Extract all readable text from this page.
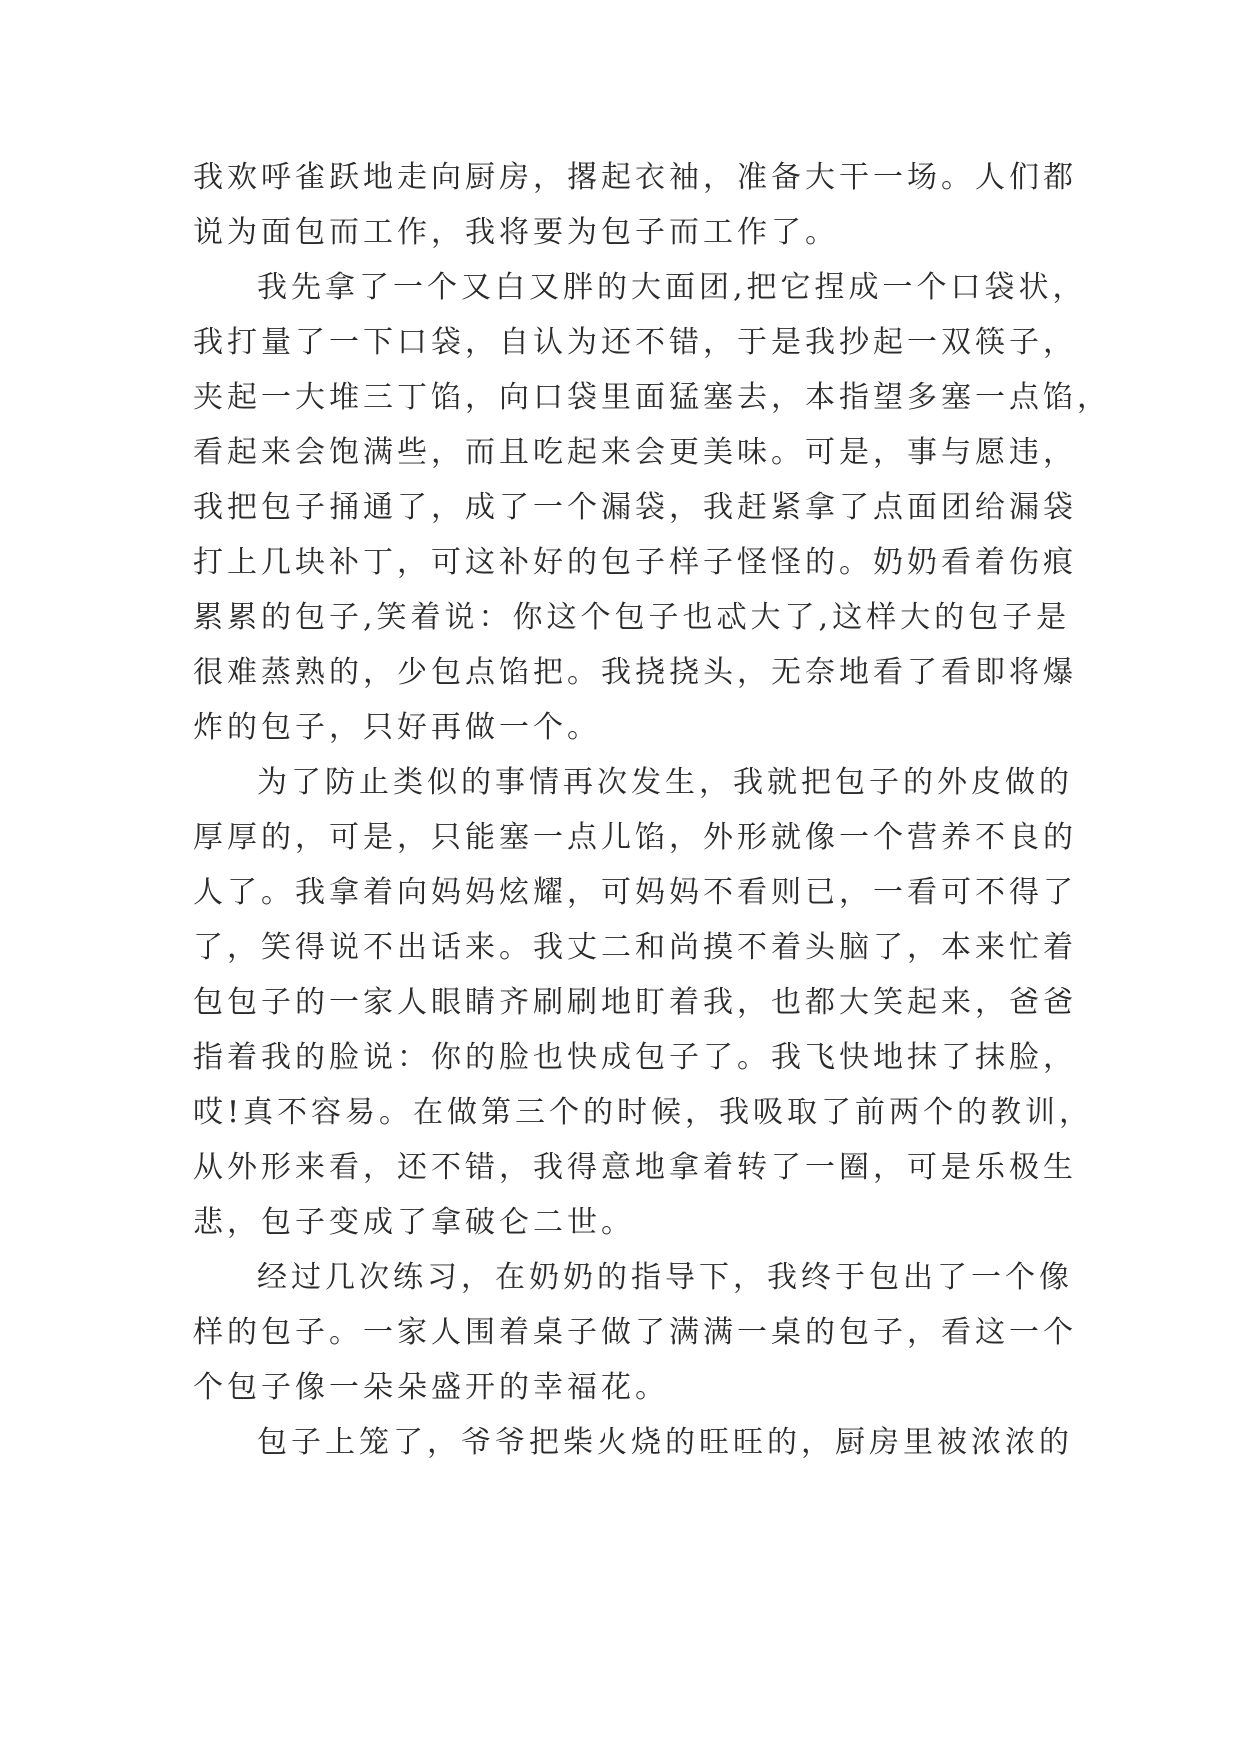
我欢呼雀跃地走向厨房，撂起衣袖，准备大干一场。人们都
说为面包而工作，我将要为包子而工作了。
我先拿了一个又白又胖的大面团,把它捏成一个口袋状，
我打量了一下口袋，自认为还不错，于是我抄起一双筷子，
夹起一大堆三丁馅，向口袋里面猛塞去，本指望多塞一点馅，
看起来会饱满些，而且吃起来会更美味。可是，事与愿违，
我把包子捅通了，成了一个漏袋，我赶紧拿了点面团给漏袋
打上几块补丁，可这补好的包子样子怪怪的。奶奶看着伤痕
累累的包子,笑着说：你这个包子也忒大了,这样大的包子是
很难蒸熟的，少包点馅把。我挠挠头，无奈地看了看即将爆
炸的包子，只好再做一个。
为了防止类似的事情再次发生，我就把包子的外皮做的
厚厚的，可是，只能塞一点儿馅，外形就像一个营养不良的
人了。我拿着向妈妈炫耀，可妈妈不看则已，一看可不得了
了，笑得说不出话来。我丈二和尚摸不着头脑了，本来忙着
包包子的一家人眼睛齐刷刷地盯着我，也都大笑起来，爸爸
指着我的脸说：你的脸也快成包子了。我飞快地抹了抹脸，
哎!真不容易。在做第三个的时候，我吸取了前两个的教训，
从外形来看，还不错，我得意地拿着转了一圈，可是乐极生
悲，包子变成了拿破仑二世。
经过几次练习，在奶奶的指导下，我终于包出了一个像
样的包子。一家人围着桌子做了满满一桌的包子，看这一个
个包子像一朵朵盛开的幸福花。
包子上笼了，爷爷把柴火烧的旺旺的，厨房里被浓浓的
